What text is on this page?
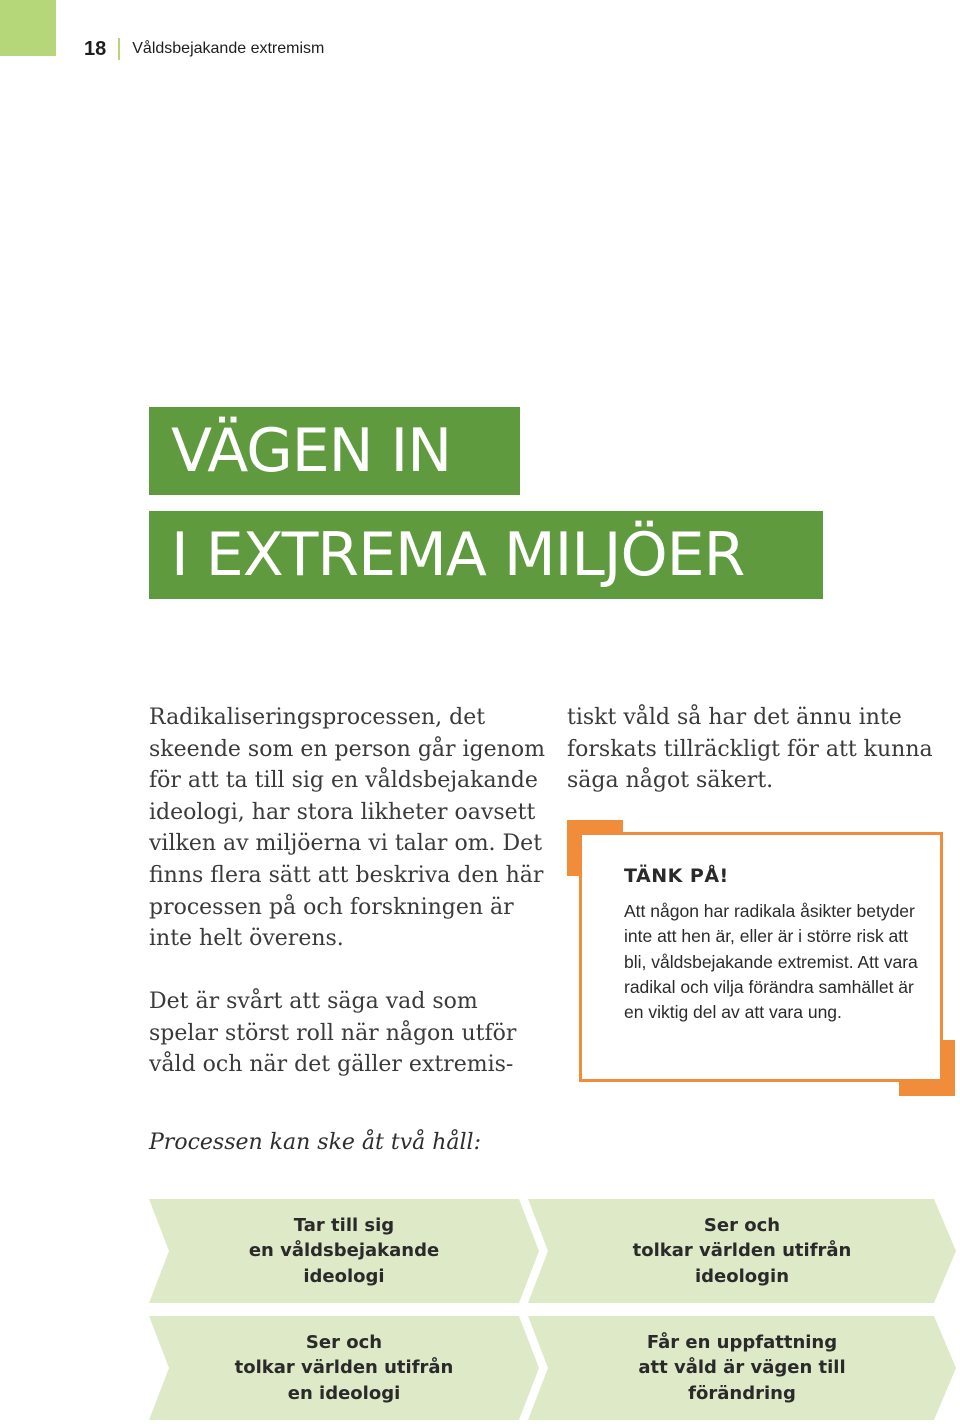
18 Våldsbejakande extremism
VÄGEN IN
I EXTREMA MILJÖER

Radikaliseringsprocessen, det skeende som en person går igenom för att ta till sig en våldsbejakande ideologi, har stora likheter oavsett vilken av miljöerna vi talar om. Det finns flera sätt att beskriva den här processen på och forskningen är inte helt överens.

Det är svårt att säga vad som spelar störst roll när någon utför våld och när det gäller extremis-

tiskt våld så har det ännu inte forskats tillräckligt för att kunna säga något säkert.

TÄNK PÅ!

Att någon har radikala åsikter betyder inte att hen är, eller är i större risk att bli, våldsbejakande extremist. Att vara radikal och vilja förändra samhället är en viktig del av att vara ung.

Processen kan ske åt två håll:

Tar till sig
en våldsbejakande
ideologi
Ser och
tolkar världen utifrån
ideologin
Ser och
tolkar världen utifrån
en ideologi
Får en uppfattning
att våld är vägen till
förändring
